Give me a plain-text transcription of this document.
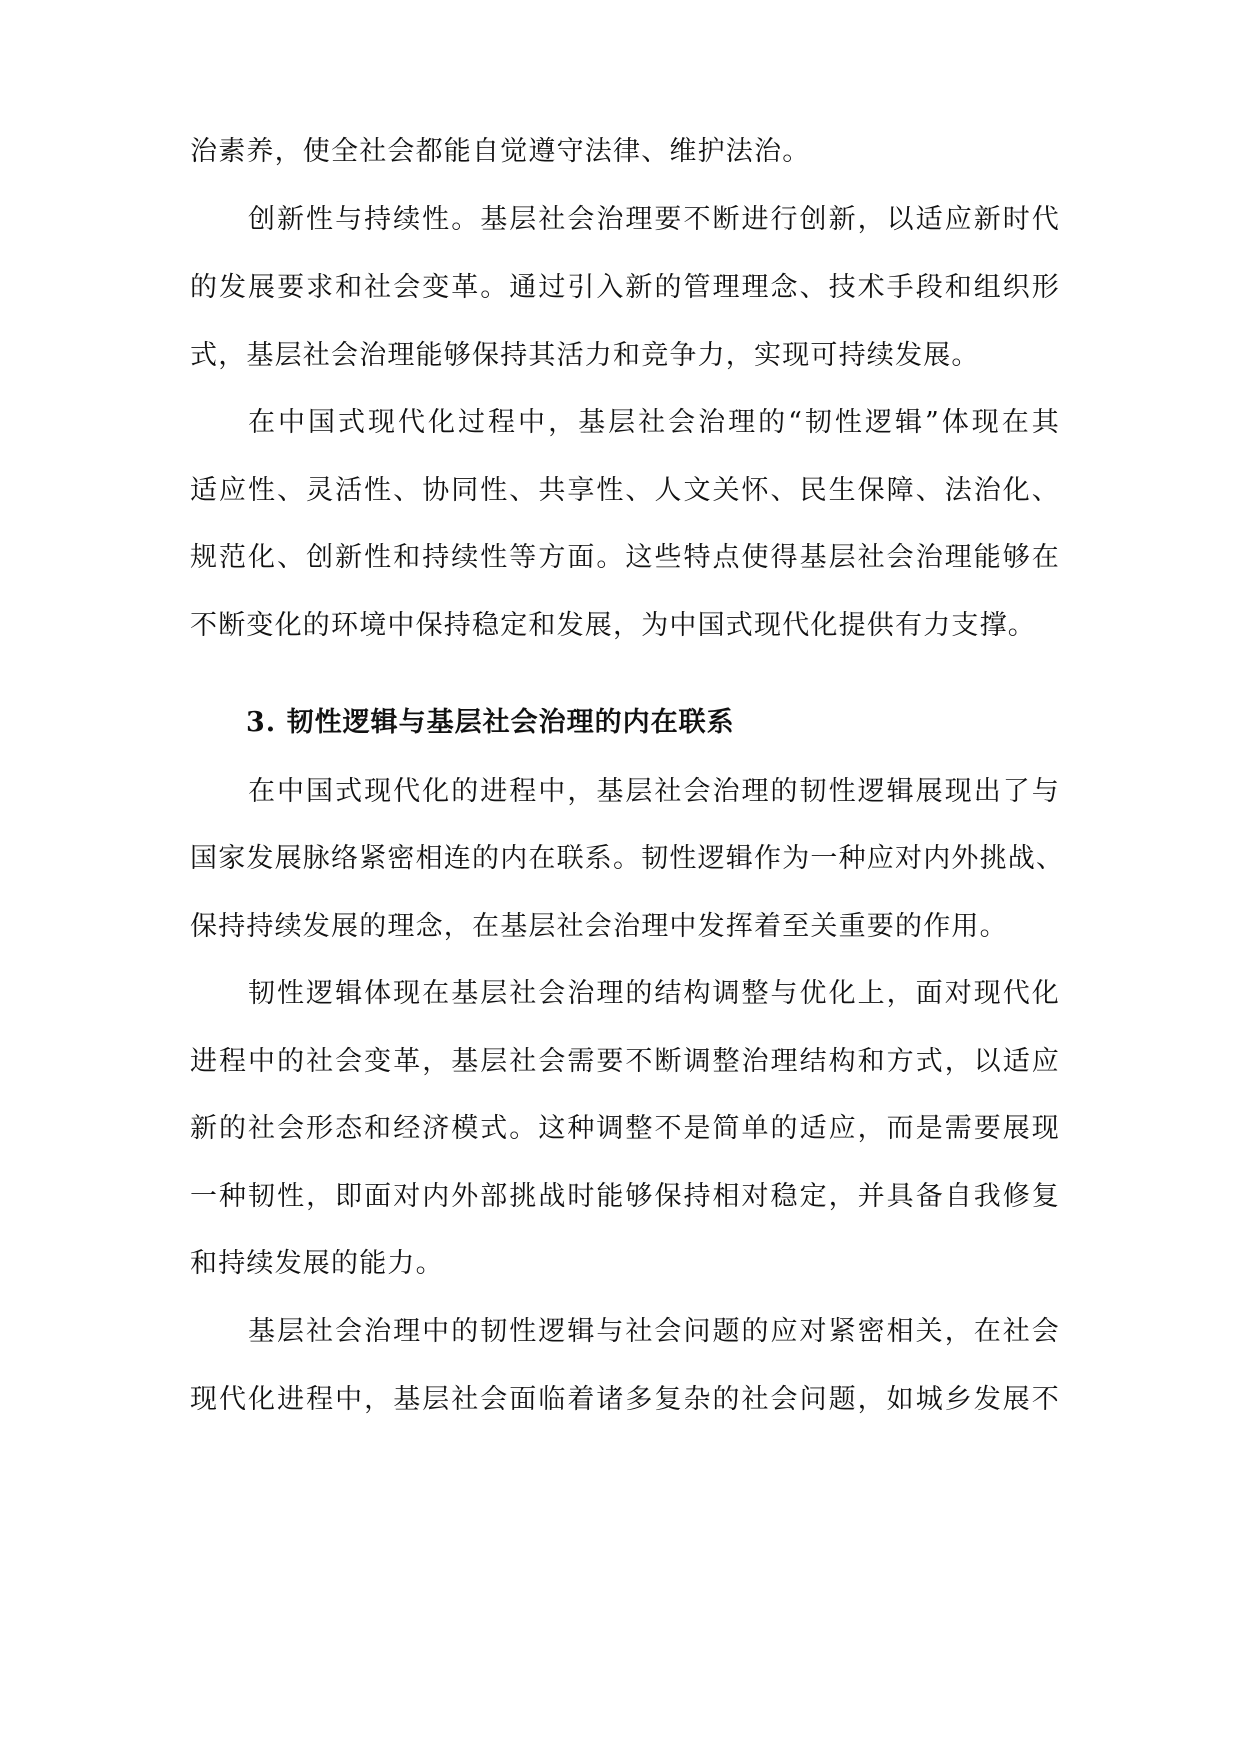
治素养，使全社会都能自觉遵守法律、维护法治。
创新性与持续性。基层社会治理要不断进行创新，以适应新时代
的发展要求和社会变革。通过引入新的管理理念、技术手段和组织形
式，基层社会治理能够保持其活力和竞争力，实现可持续发展。
在中国式现代化过程中，基层社会治理的“韧性逻辑”体现在其
适应性、灵活性、协同性、共享性、人文关怀、民生保障、法治化、
规范化、创新性和持续性等方面。这些特点使得基层社会治理能够在
不断变化的环境中保持稳定和发展，为中国式现代化提供有力支撑。
3. 韧性逻辑与基层社会治理的内在联系
在中国式现代化的进程中，基层社会治理的韧性逻辑展现出了与
国家发展脉络紧密相连的内在联系。韧性逻辑作为一种应对内外挑战、
保持持续发展的理念，在基层社会治理中发挥着至关重要的作用。
韧性逻辑体现在基层社会治理的结构调整与优化上，面对现代化
进程中的社会变革，基层社会需要不断调整治理结构和方式，以适应
新的社会形态和经济模式。这种调整不是简单的适应，而是需要展现
一种韧性，即面对内外部挑战时能够保持相对稳定，并具备自我修复
和持续发展的能力。
基层社会治理中的韧性逻辑与社会问题的应对紧密相关，在社会
现代化进程中，基层社会面临着诸多复杂的社会问题，如城乡发展不
